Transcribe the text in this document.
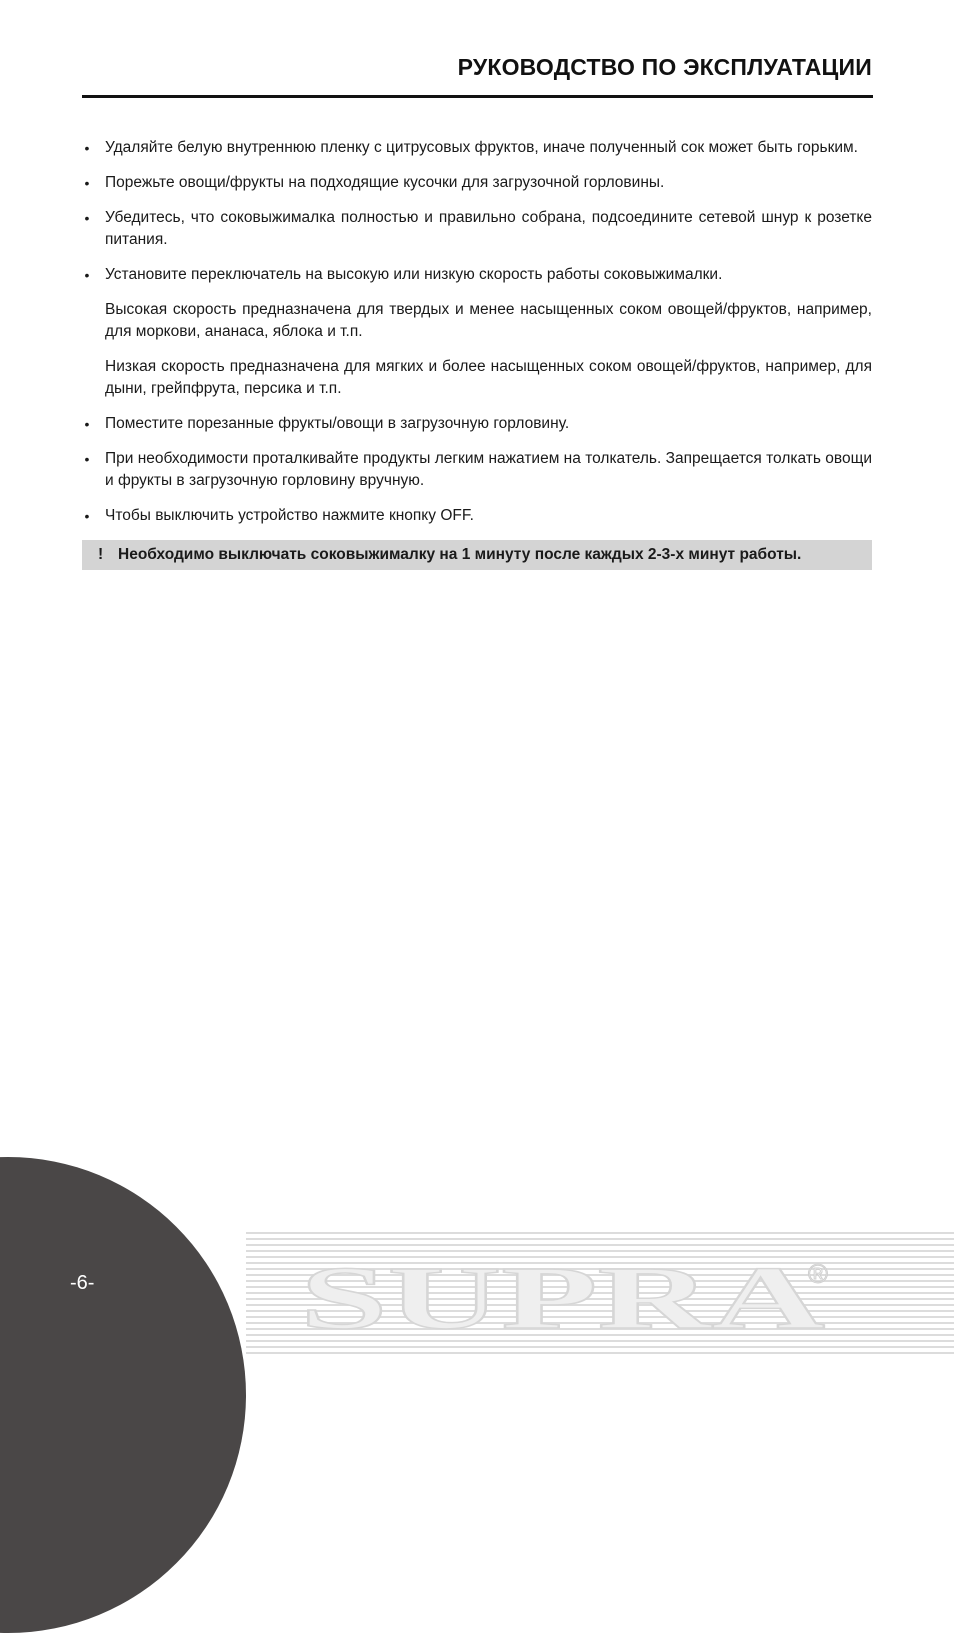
РУКОВОДСТВО ПО ЭКСПЛУАТАЦИИ
• Удаляйте белую внутреннюю пленку с цитрусовых фруктов, иначе полученный сок может быть горьким.
• Порежьте овощи/фрукты на подходящие кусочки для загрузочной горловины.
• Убедитесь, что соковыжималка полностью и правильно собрана, подсоедините сетевой шнур к розетке питания.
• Установите переключатель на высокую или низкую скорость работы соковыжималки.
Высокая скорость предназначена для твердых и менее насыщенных соком овощей/фруктов, например, для моркови, ананаса, яблока и т.п.
Низкая скорость предназначена для мягких и более насыщенных соком овощей/фруктов, например, для дыни, грейпфрута, персика и т.п.
• Поместите порезанные фрукты/овощи в загрузочную горловину.
• При необходимости проталкивайте продукты легким нажатием на толкатель. Запрещается толкать овощи и фрукты в загрузочную горловину вручную.
• Чтобы выключить устройство нажмите кнопку OFF.
! Необходимо выключать соковыжималку на 1 минуту после каждых 2-3-х минут работы.
-6- SUPRA
®
